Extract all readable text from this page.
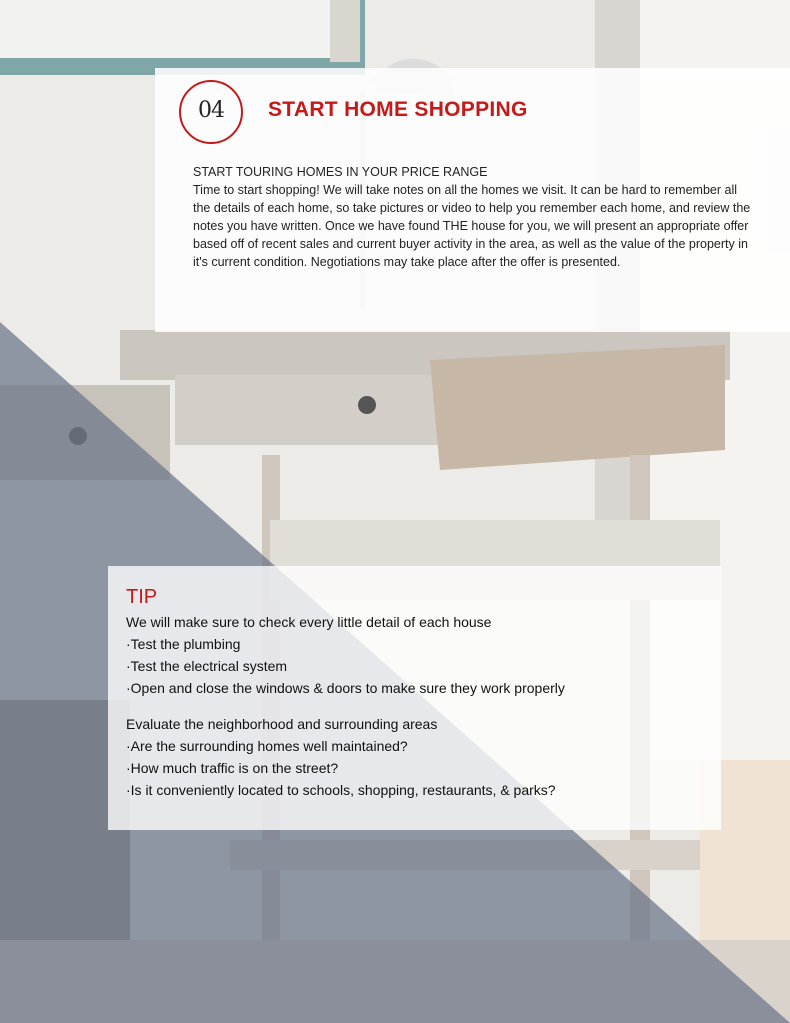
04	START HOME SHOPPING
START TOURING HOMES IN YOUR PRICE RANGE
Time to start shopping! We will take notes on all the homes we visit. It can be hard to remember all the details of each home, so take pictures or video to help you remember each home, and review the notes you have written. Once we have found THE house for you, we will present an appropriate offer based off of recent sales and current buyer activity in the area, as well as the value of the property in it's current condition. Negotiations may take place after the offer is presented.
TIP
We will make sure to check every little detail of each house
·Test the plumbing
·Test the electrical system
·Open and close the windows & doors to make sure they work properly
Evaluate the neighborhood and surrounding areas
·Are the surrounding homes well maintained?
·How much traffic is on the street?
·Is it conveniently located to schools, shopping, restaurants, & parks?
